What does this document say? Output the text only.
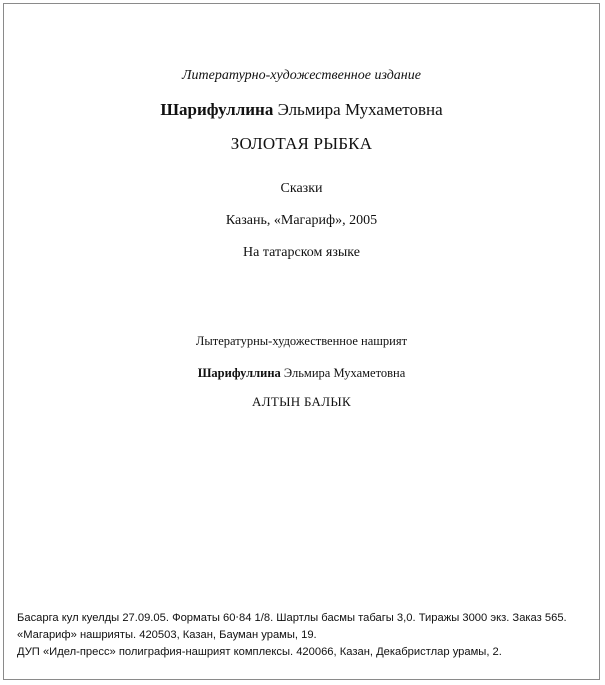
Литературно-художественное издание
Шарифуллина Эльмира Мухаметовна
ЗОЛОТАЯ РЫБКА
Сказки
Казань, «Магариф», 2005
На татарском языке
Лытературны-художественное нашрият
Шарифуллина Эльмира Мухаметовна
АЛТЫН БАЛЫК
Басарга кул куелды 27.09.05. Форматы 60‧84 1/8. Шартлы басмы табагы 3,0. Тиражы 3000 экз. Заказ 565.
«Магариф» нашрияты. 420503, Казан, Бауман урамы, 19.
ДУП «Идел-пресс» полиграфия-нашрият комплексы. 420066, Казан, Декабристлар урамы, 2.
